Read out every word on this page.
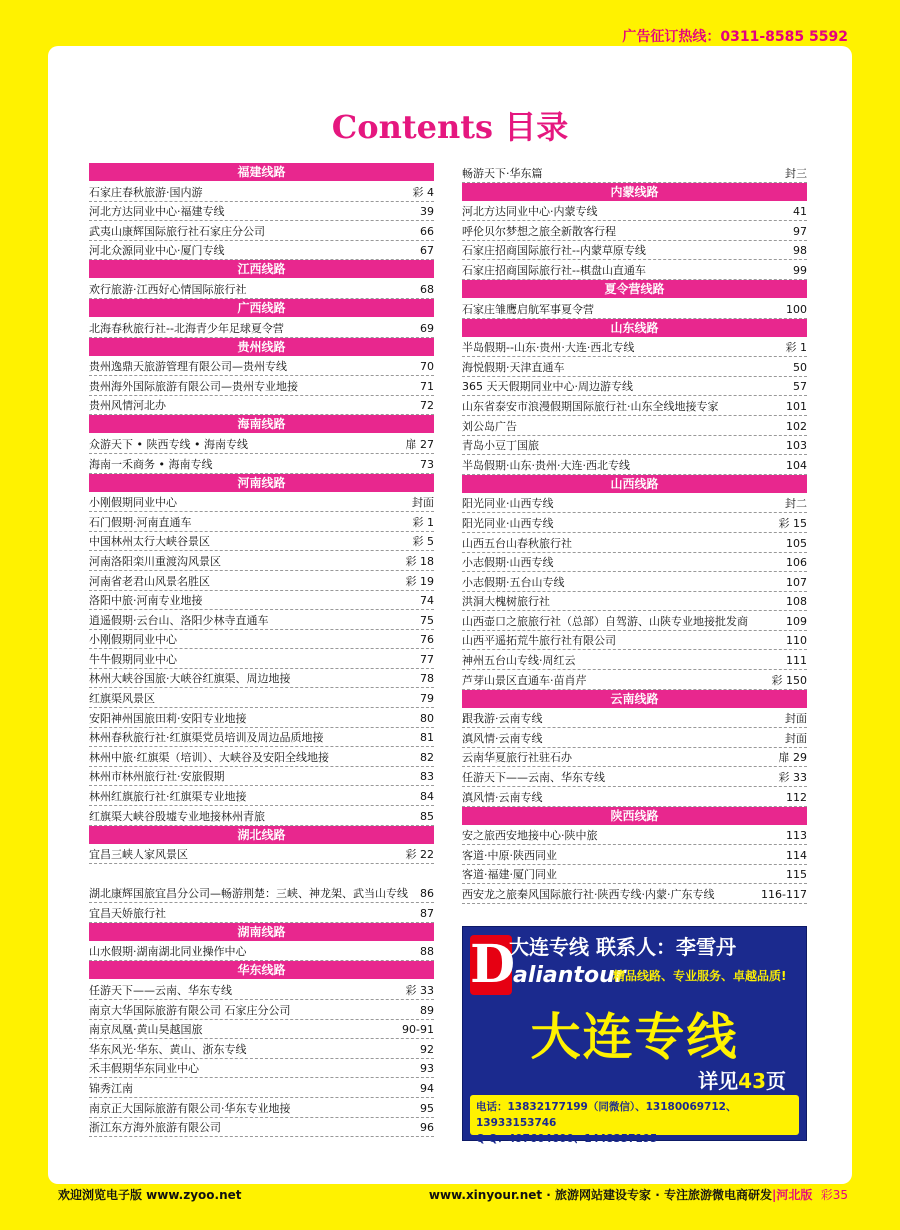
广告征订热线：0311-8585 5592
Contents 目录
福建线路
石家庄春秋旅游·国内游	彩 4
河北方达同业中心·福建专线	39
武夷山康辉国际旅行社石家庄分公司	66
河北众源同业中心·厦门专线	67
江西线路
欢行旅游·江西好心情国际旅行社	68
广西线路
北海春秋旅行社--北海青少年足球夏令营	69
贵州线路
贵州逸鼎天旅游管理有限公司—贵州专线	70
贵州海外国际旅游有限公司—贵州专业地接	71
贵州风情河北办	72
海南线路
众游天下 • 陕西专线 • 海南专线	扉 27
海南一禾商务 • 海南专线	73
河南线路
小刚假期同业中心	封面
石门假期·河南直通车	彩 1
中国林州太行大峡谷景区	彩 5
河南洛阳栾川重渡沟风景区	彩 18
河南省老君山风景名胜区	彩 19
洛阳中旅·河南专业地接	74
逍遥假期·云台山、洛阳少林寺直通车	75
小刚假期同业中心	76
牛牛假期同业中心	77
林州大峡谷国旅·大峡谷红旗渠、周边地接	78
红旗渠风景区	79
安阳神州国旅田莉·安阳专业地接	80
林州春秋旅行社·红旗渠党员培训及周边品质地接	81
林州中旅·红旗渠（培训）、大峡谷及安阳全线地接	82
林州市林州旅行社·安旅假期	83
林州红旗旅行社·红旗渠专业地接	84
红旗渠大峡谷殷墟专业地接林州青旅	85
湖北线路
宜昌三峡人家风景区	彩 22
湖北康辉国旅宜昌分公司—畅游荆楚：三峡、神龙架、武当山专线	86
宜昌天娇旅行社	87
湖南线路
山水假期·湖南湖北同业操作中心	88
华东线路
任游天下——云南、华东专线	彩 33
南京大华国际旅游有限公司 石家庄分公司	89
南京凤凰·黄山昊越国旅	90-91
华东风光·华东、黄山、浙东专线	92
禾丰假期华东同业中心	93
锦秀江南	94
南京正大国际旅游有限公司·华东专业地接	95
浙江东方海外旅游有限公司	96
畅游天下·华东篇	封三
内蒙线路
河北方达同业中心·内蒙专线	41
呼伦贝尔梦想之旅全新散客行程	97
石家庄招商国际旅行社--内蒙草原专线	98
石家庄招商国际旅行社--棋盘山直通车	99
夏令营线路
石家庄雏鹰启航军事夏令营	100
山东线路
半岛假期--山东·贵州·大连·西北专线	彩 1
海悦假期·天津直通车	50
365 天天假期同业中心·周边游专线	57
山东省泰安市浪漫假期国际旅行社·山东全线地接专家	101
刘公岛广告	102
青岛小豆丁国旅	103
半岛假期·山东·贵州·大连·西北专线	104
山西线路
阳光同业·山西专线	封二
阳光同业·山西专线	彩 15
山西五台山春秋旅行社	105
小志假期·山西专线	106
小志假期·五台山专线	107
洪洞大槐树旅行社	108
山西壶口之旅旅行社（总部）自驾游、山陕专业地接批发商	109
山西平遥拓荒牛旅行社有限公司	110
神州五台山专线·周红云	111
芦芽山景区直通车·苗肖芹	彩 150
云南线路
跟我游·云南专线	封面
滇风情·云南专线	封面
云南华夏旅行社驻石办	扉 29
任游天下——云南、华东专线	彩 33
滇风情·云南专线	112
陕西线路
安之旅西安地接中心·陕中旅	113
客道·中原·陕西同业	114
客道·福建·厦门同业	115
西安龙之旅秦风国际旅行社·陕西专线·内蒙·广东专线	116-117
D
大连专线 联系人：李雪丹
aliantour
精品线路、专业服务、卓越品质!
大连专线
详见43页
电话：13832177199（同微信）、13180069712、13933153746
Q Q：497604600、1448357195
欢迎浏览电子版 www.zyoo.net	www.xinyour.net · 旅游网站建设专家 · 专注旅游微电商研发|河北版 彩35
